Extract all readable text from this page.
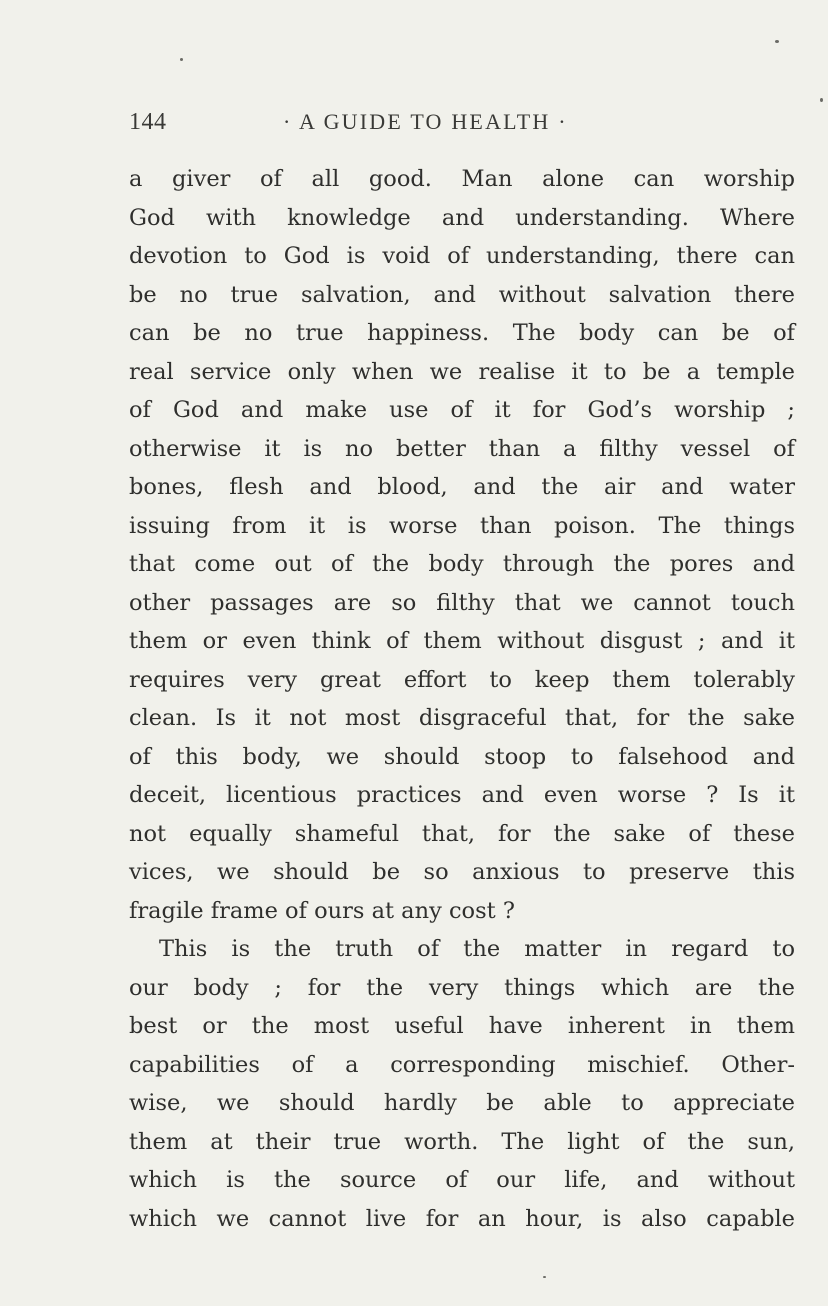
144	· A GUIDE TO HEALTH ·
a giver of all good. Man alone can worship
God with knowledge and understanding. Where
devotion to God is void of understanding, there can
be no true salvation, and without salvation there
can be no true happiness. The body can be of
real service only when we realise it to be a temple
of God and make use of it for God’s worship ;
otherwise it is no better than a filthy vessel of
bones, flesh and blood, and the air and water
issuing from it is worse than poison. The things
that come out of the body through the pores and
other passages are so filthy that we cannot touch
them or even think of them without disgust ; and it
requires very great effort to keep them tolerably
clean. Is it not most disgraceful that, for the sake
of this body, we should stoop to falsehood and
deceit, licentious practices and even worse ? Is it
not equally shameful that, for the sake of these
vices, we should be so anxious to preserve this
fragile frame of ours at any cost ?
This is the truth of the matter in regard to
our body ; for the very things which are the
best or the most useful have inherent in them
capabilities of a corresponding mischief. Other-
wise, we should hardly be able to appreciate
them at their true worth. The light of the sun,
which is the source of our life, and without
which we cannot live for an hour, is also capable
